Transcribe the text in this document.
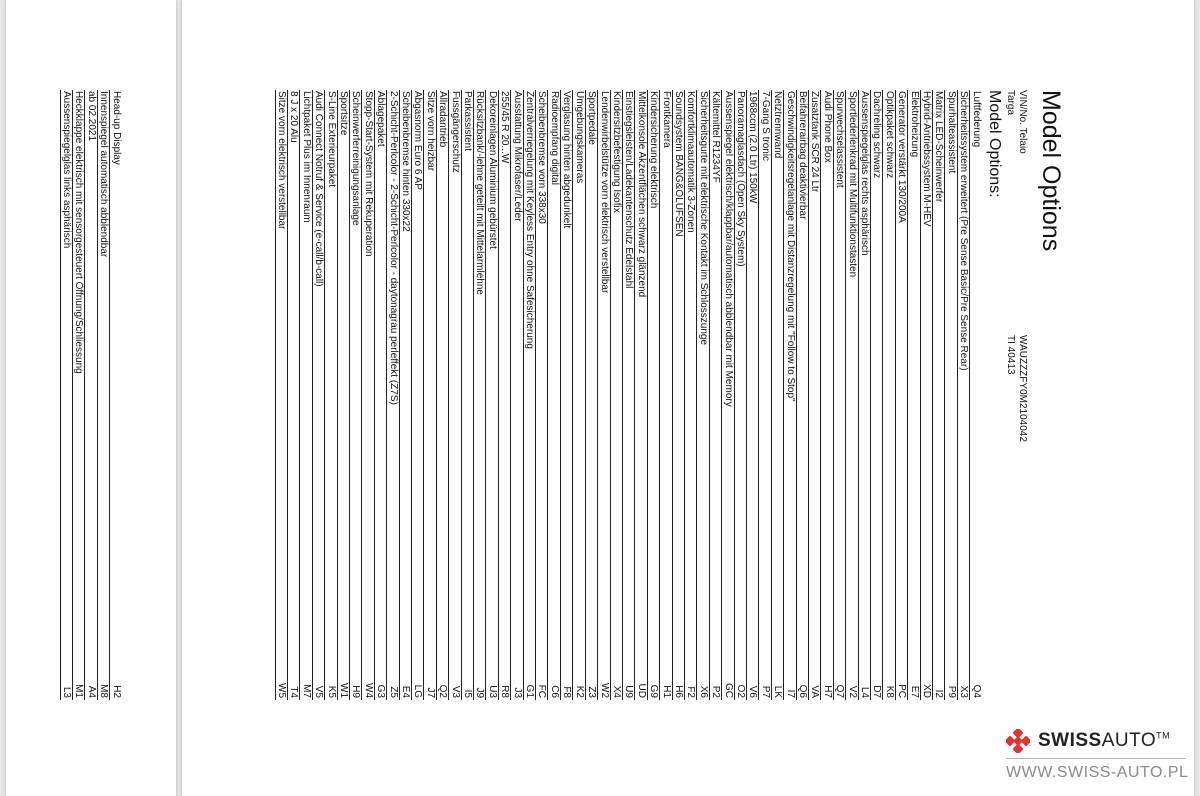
Model Options
VIN/No. Telaio
WAUZZZFY0M2104042
Targa
TI 40413
Model Options:
Luftfederung	Q4
Sicherheitssystem erweitert (Pre Sense Basic/Pre Sense Rear)	X3
Spurhalteassistent	P9
Matrix LED-Scheinwerfer	I2
Hybrid-Antriebssystem M-HEV	XD
Elektroheizung	E7
Generator verstärkt 130/200A	PC
Optikpaket schwarz	K8
Dachreling schwarz	D7
Aussenspiegelglas rechts asphärisch	L4
Sportlederlenkrad mit Multifunktionstasten	V2
Spurwechselassistent	Q7
Audi Phone Box	H7
Zusatztank SCR 24 Ltr	VA
Beifahrerairbag deaktivierbar	Q6
Geschwindigkeitsregelanlage mit Distanzregelung mit "Follow to Stop"	I7
Netztrennwand	LK
7-Gang S tronic	P7
1968ccm (2.0 Ltr) 150kW	V6
Panoramaglasdach (Open Sky System)	O2
Aussenspiegel elektrisch/klappbar/automatisch abblendbar mit Memory	GC
Kältemittel R1234YF	P2
Sicherheitsgurte mit elektrische Kontakt im Schlosszunge	X6
Komfortklimaautomatik 3-Zonen	F2
Soundsystem BANG&OLUFSEN	H6
Frontkamera	H1
Kindersicherung elektrisch	G9
Mittelkonsole Akzentflächen schwarz glänzend	UD
Einstiegsleisten/Ladekantenschutz Edelstahl	U9
Kindersitzbefestigung Isofix	X4
Lendenwirbelstütze vorn elektrisch verstellbar	W2
Sportpedale	Z3
Umgebungskameras	K2
Verglasung hinten abgedunkelt	F8
Radioempfang digital	C6
Scheibenbremse vorn 338x30	FC
Zentralverriegelung mit Keyless Entry ohne Safesicherung	G1
Ausstattung Mikrofaser/Leder	J3
255/45 R 20...W	R8
Dekoreinlagen Aluminium gebürstet	U3
Rücksitzbank/-lehne geteilt mit Mittelarmlehne	J9
Parkassistent	I5
Fussgängerschutz	V3
Allradantrieb	Q2
Sitze vorn heizbar	J7
Abgasnorm Euro 6 AP	LG
Scheibenbremse hinten 330x22	E4
2-Schicht-Perlcolor - 2-Schicht-Perlcolor - daytonagrau perleffekt (Z7S)	Z5
Ablagepaket	G3
Stopp-Start-System mit Rekuperation	W4
Scheinwerferreinigungsanlage	H9
Sportsitze	W1
S-Line Exterieurpaket	K5
Audi Connect Notruf & Service (e-call/b-call)	V5
Lichtpaket Plus im Innenraum	M7
8 J x 20 Alu	T4
Sitze vorn elektrisch verstellbar	W5
Head-up Display	H2
Innenspiegel automatisch abblendbar	M8
ab 02.2021	A4
Heckklappe elektrisch mit sensorgesteuert Öffnung/Schliessung	M1
Aussenspiegelglas links asphärisch	L3
SWISSAUTO™
WWW.SWISS-AUTO.PL
